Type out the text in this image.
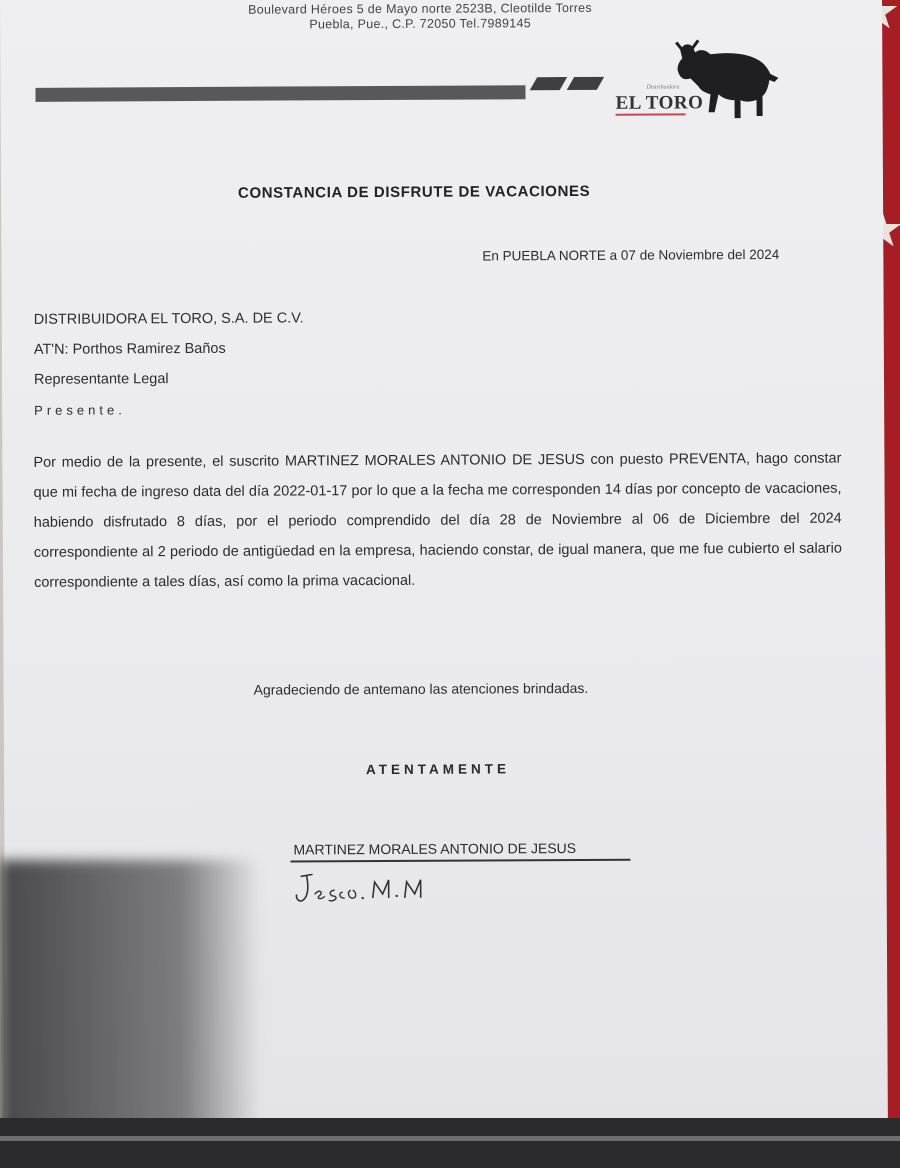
Boulevard Héroes 5 de Mayo norte 2523B, Cleotilde Torres
Puebla, Pue., C.P. 72050 Tel.7989145
Distribuidora
EL TORO
CONSTANCIA DE DISFRUTE DE VACACIONES
En PUEBLA NORTE a 07 de Noviembre del 2024
DISTRIBUIDORA EL TORO, S.A. DE C.V.
AT'N: Porthos Ramirez Baños
Representante Legal
Presente.
Por medio de la presente, el suscrito MARTINEZ MORALES ANTONIO DE JESUS con puesto PREVENTA, hago constar que mi fecha de ingreso data del día 2022-01-17 por lo que a la fecha me corresponden 14 días por concepto de vacaciones, habiendo disfrutado 8 días, por el periodo comprendido del día 28 de Noviembre al 06 de Diciembre del 2024 correspondiente al 2 periodo de antigüedad en la empresa, haciendo constar, de igual manera, que me fue cubierto el salario correspondiente a tales días, así como la prima vacacional.
Agradeciendo de antemano las atenciones brindadas.
ATENTAMENTE
MARTINEZ MORALES ANTONIO DE JESUS
